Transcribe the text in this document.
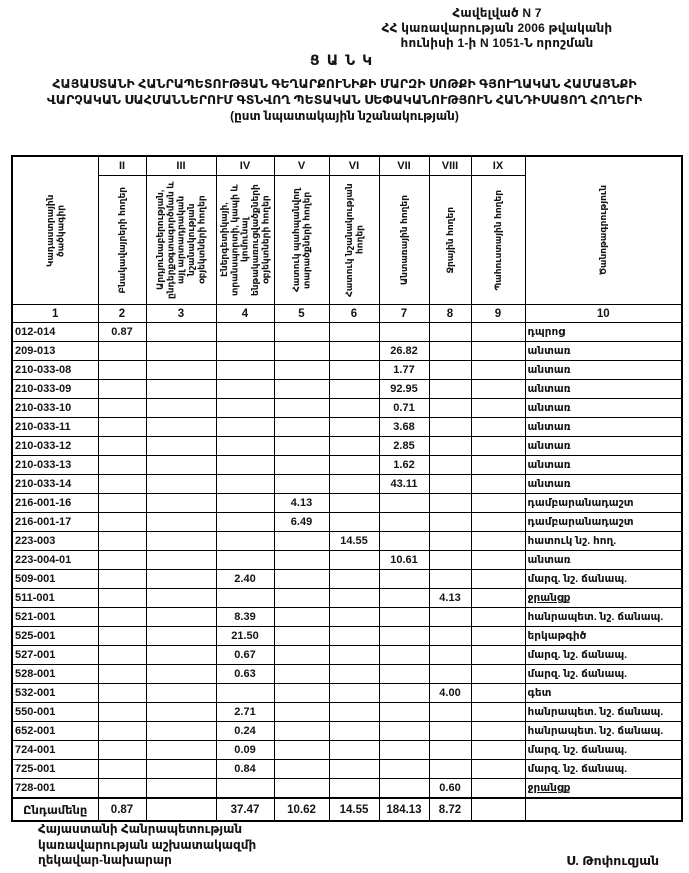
Հավելված N 7
ՀՀ կառավարության 2006 թվականի
հունիսի 1-ի N 1051-Ն որոշման
ՑԱՆԿ
ՀԱՅԱՍՏԱՆԻ ՀԱՆՐԱՊԵՏՈՒԹՅԱՆ ԳԵՂԱՐՔՈՒՆԻՔԻ ՄԱՐԶԻ ՍՈԹՔԻ ԳՅՈՒՂԱԿԱՆ ՀԱՄԱՅՆՔԻ
ՎԱՐՉԱԿԱՆ ՍԱՀՄԱՆՆԵՐՈՒՄ ԳՏՆՎՈՂ ՊԵՏԱԿԱՆ ՍԵՓԱԿԱՆՈՒԹՅՈՒՆ ՀԱՆԴԻՍԱՑՈՂ ՀՈՂԵՐԻ
(ըստ նպատակային նշանակության)
Կադաստրային ծածկագիր	II	III	IV	V	VI	VII	VIII	IX	Ծանոթագրություն

	Բնակավայրերի հողեր	Արդյունաբերության, ընդերքօգտագործման և այլ արտադրական նշանակության օբյեկտների հողեր	Էներգետիկայի, տրանսպորտի, կապի և կոմունալ ենթակառուցվածքների օբյեկտների հողեր	Հատուկ պահպանվող տարածքների հողեր	Հատուկ նշանակության հողեր	Անտառային հողեր	Ջրային հողեր	Պահուստային հողեր	

1	2	3	4	5	6	7	8	9	10
012-014	0.87								դպրոց
209-013						26.82			անտառ
210-033-08						1.77			անտառ
210-033-09						92.95			անտառ
210-033-10						0.71			անտառ
210-033-11						3.68			անտառ
210-033-12						2.85			անտառ
210-033-13						1.62			անտառ
210-033-14						43.11			անտառ
216-001-16				4.13					դամբարանադաշտ
216-001-17				6.49					դամբարանադաշտ
223-003					14.55				հատուկ նշ. հող.
223-004-01						10.61			անտառ
509-001			2.40						մարզ. նշ. ճանապ.
511-001							4.13		ջրանցք
521-001			8.39						հանրապետ. նշ. ճանապ.
525-001			21.50						երկաթգիծ
527-001			0.67						մարզ. նշ. ճանապ.
528-001			0.63						մարզ. նշ. ճանապ.
532-001							4.00		գետ
550-001			2.71						հանրապետ. նշ. ճանապ.
652-001			0.24						հանրապետ. նշ. ճանապ.
724-001			0.09						մարզ. նշ. ճանապ.
725-001			0.84						մարզ. նշ. ճանապ.
728-001							0.60		ջրանցք
Ընդամենը	0.87		37.47	10.62	14.55	184.13	8.72		
Հայաստանի Հանրապետության
կառավարության աշխատակազմի
ղեկավար-նախարար	Ս. Թոփուզյան
